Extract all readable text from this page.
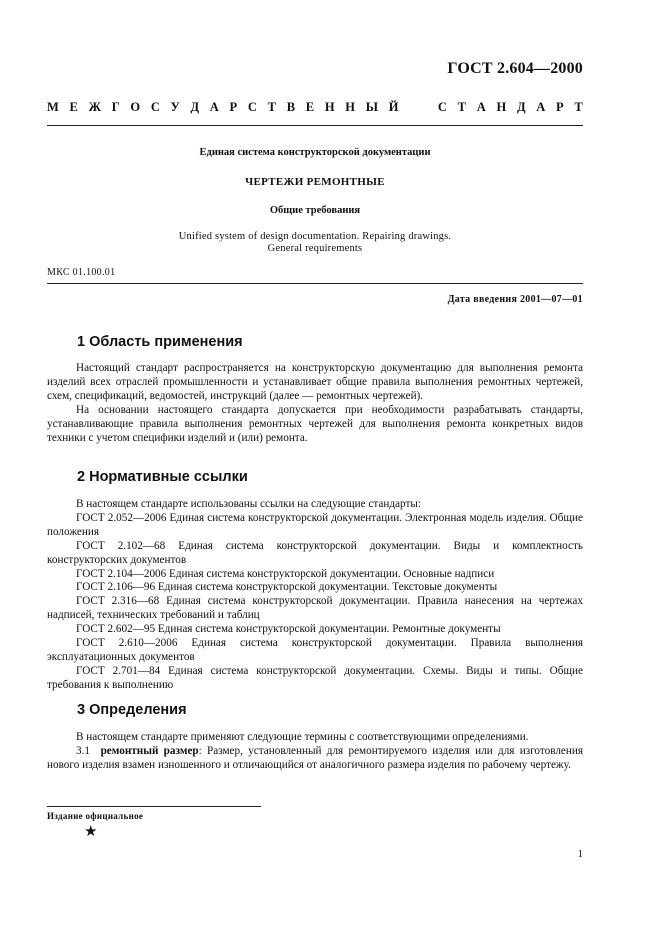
ГОСТ 2.604—2000
М Е Ж Г О С У Д А Р С Т В Е Н Н Ы Й	С Т А Н Д А Р Т
Единая система конструкторской документации
ЧЕРТЕЖИ РЕМОНТНЫЕ
Общие требования
Unified system of design documentation. Repairing drawings.
General requirements
МКС 01.100.01
Дата введения 2001—07—01
1 Область применения

Настоящий стандарт распространяется на конструкторскую документацию для выполнения ремонта изделий всех отраслей промышленности и устанавливает общие правила выполнения ремонтных чертежей, схем, спецификаций, ведомостей, инструкций (далее — ремонтных чертежей).

На основании настоящего стандарта допускается при необходимости разрабатывать стандарты, устанавливающие правила выполнения ремонтных чертежей для выполнения ремонта конкретных видов техники с учетом специфики изделий и (или) ремонта.

2 Нормативные ссылки

В настоящем стандарте использованы ссылки на следующие стандарты:

ГОСТ 2.052—2006 Единая система конструкторской документации. Электронная модель изделия. Общие положения

ГОСТ 2.102—68 Единая система конструкторской документации. Виды и комплектность конструкторских документов

ГОСТ 2.104—2006 Единая система конструкторской документации. Основные надписи

ГОСТ 2.106—96 Единая система конструкторской документации. Текстовые документы

ГОСТ 2.316—68 Единая система конструкторской документации. Правила нанесения на чертежах надписей, технических требований и таблиц

ГОСТ 2.602—95 Единая система конструкторской документации. Ремонтные документы

ГОСТ 2.610—2006 Единая система конструкторской документации. Правила выполнения эксплуатационных документов

ГОСТ 2.701—84 Единая система конструкторской документации. Схемы. Виды и типы. Общие требования к выполнению

3 Определения

В настоящем стандарте применяют следующие термины с соответствующими определениями.

3.1 ремонтный размер: Размер, установленный для ремонтируемого изделия или для изготовления нового изделия взамен изношенного и отличающийся от аналогичного размера изделия по рабочему чертежу.

Издание официальное
★
1
